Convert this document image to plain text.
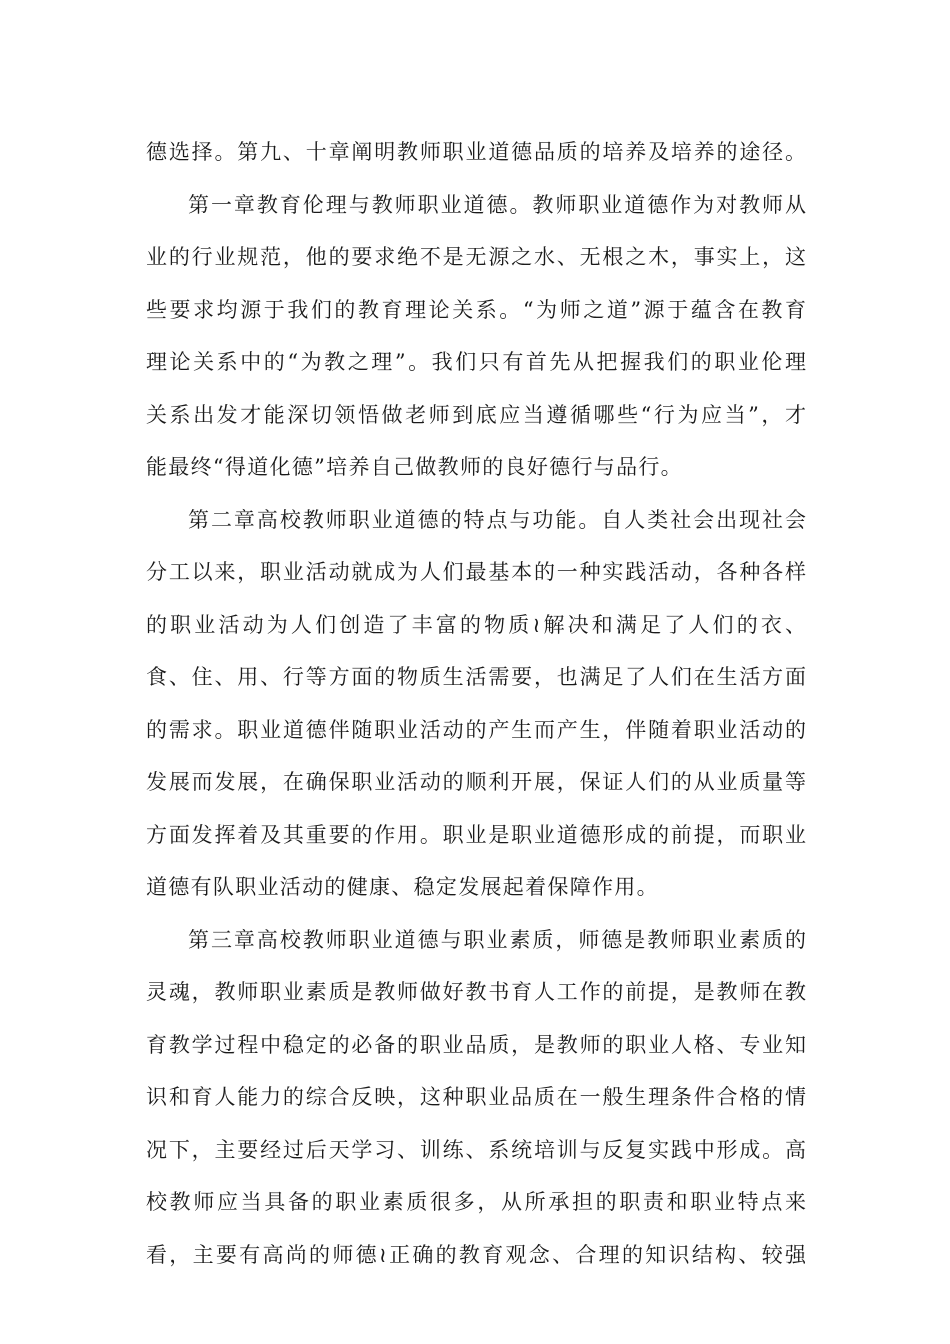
德选择。第九、十章阐明教师职业道德品质的培养及培养的途径。
第一章教育伦理与教师职业道德。教师职业道德作为对教师从
业的行业规范，他的要求绝不是无源之水、无根之木，事实上，这
些要求均源于我们的教育理论关系。“为师之道”源于蕴含在教育
理论关系中的“为教之理”。我们只有首先从把握我们的职业伦理
关系出发才能深切领悟做老师到底应当遵循哪些“行为应当”，才
能最终“得道化德”培养自己做教师的良好德行与品行。
第二章高校教师职业道德的特点与功能。自人类社会出现社会
分工以来，职业活动就成为人们最基本的一种实践活动，各种各样
的职业活动为人们创造了丰富的物质≀解决和满足了人们的衣、
食、住、用、行等方面的物质生活需要，也满足了人们在生活方面
的需求。职业道德伴随职业活动的产生而产生，伴随着职业活动的
发展而发展，在确保职业活动的顺利开展，保证人们的从业质量等
方面发挥着及其重要的作用。职业是职业道德形成的前提，而职业
道德有队职业活动的健康、稳定发展起着保障作用。
第三章高校教师职业道德与职业素质，师德是教师职业素质的
灵魂，教师职业素质是教师做好教书育人工作的前提，是教师在教
育教学过程中稳定的必备的职业品质，是教师的职业人格、专业知
识和育人能力的综合反映，这种职业品质在一般生理条件合格的情
况下，主要经过后天学习、训练、系统培训与反复实践中形成。高
校教师应当具备的职业素质很多，从所承担的职责和职业特点来
看，主要有高尚的师德≀正确的教育观念、合理的知识结构、较强
